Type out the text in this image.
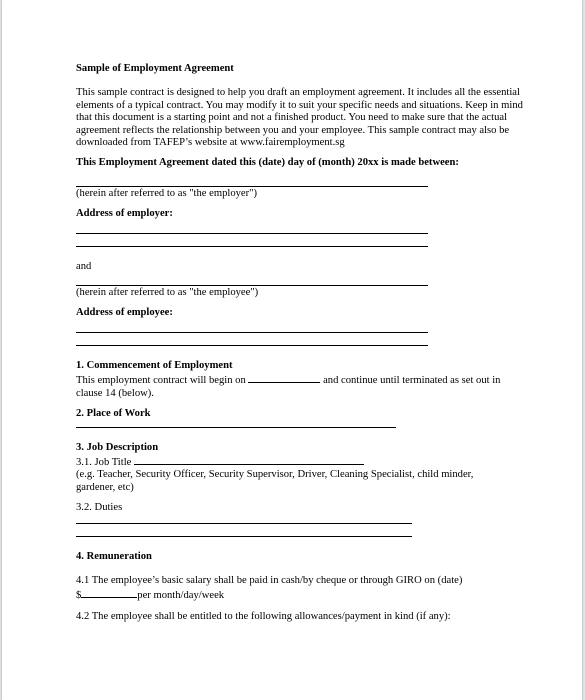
Sample of Employment Agreement

This sample contract is designed to help you draft an employment agreement. It includes all the essential elements of a typical contract. You may modify it to suit your specific needs and situations. Keep in mind that this document is a starting point and not a finished product. You need to make sure that the actual agreement reflects the relationship between you and your employee. This sample contract may also be downloaded from TAFEP’s website at www.fairemployment.sg

This Employment Agreement dated this (date) day of (month) 20xx is made between:

(herein after referred to as "the employer")

Address of employer:

and

(herein after referred to as "the employee")

Address of employee:

1. Commencement of Employment

This employment contract will begin on	and continue until terminated as set out in

clause 14 (below).

2. Place of Work

3. Job Description

3.1. Job Title

(e.g. Teacher, Security Officer, Security Supervisor, Driver, Cleaning Specialist, child minder, gardener, etc)

3.2. Duties

4. Remuneration

4.1 The employee’s basic salary shall be paid in cash/by cheque or through GIRO on (date)

$	per month/day/week

4.2 The employee shall be entitled to the following allowances/payment in kind (if any):
